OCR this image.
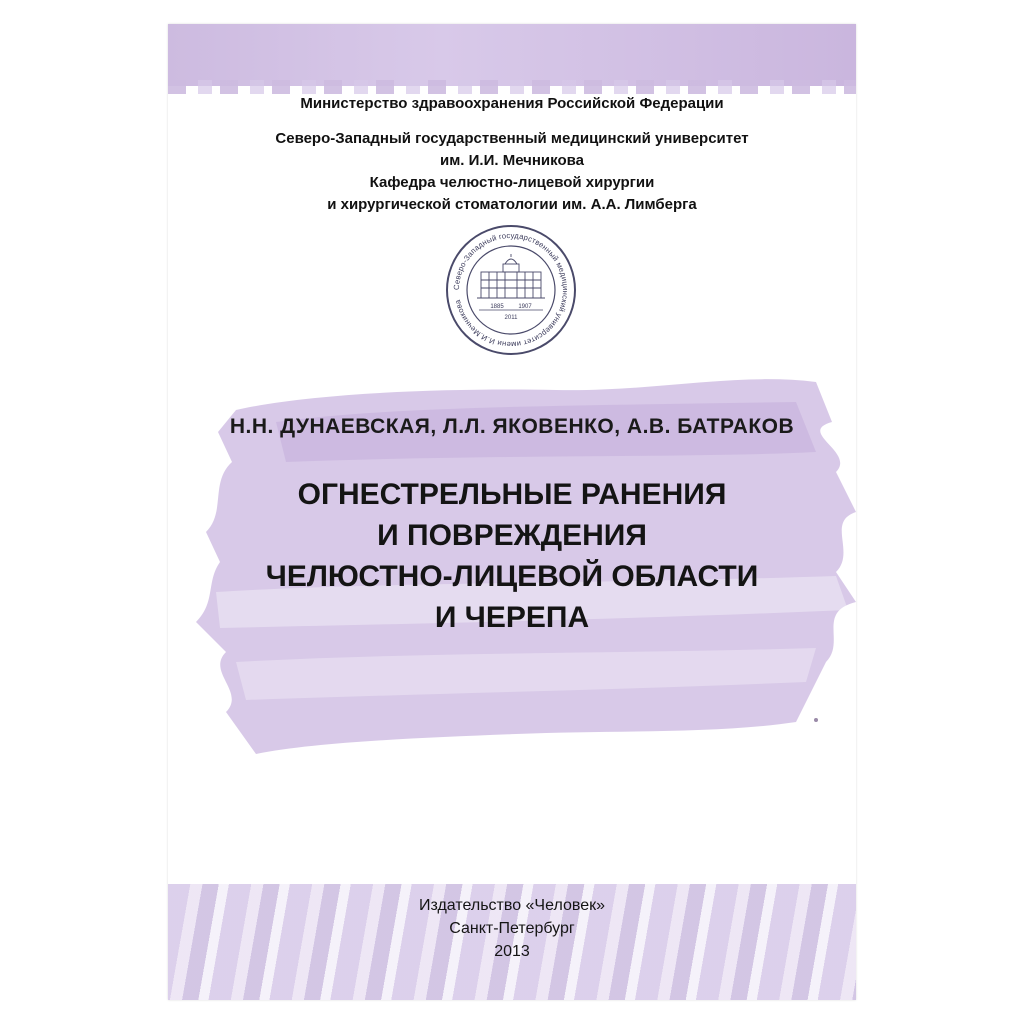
Министерство здравоохранения Российской Федерации
Северо-Западный государственный медицинский университет
им. И.И. Мечникова
Кафедра челюстно-лицевой хирургии
и хирургической стоматологии им. А.А. Лимберга
Северо-Западный государственный медицинский университет имени И.И.Мечникова
1885 1907
2011
Н.Н. ДУНАЕВСКАЯ, Л.Л. ЯКОВЕНКО, А.В. БАТРАКОВ
ОГНЕСТРЕЛЬНЫЕ РАНЕНИЯ
И ПОВРЕЖДЕНИЯ
ЧЕЛЮСТНО-ЛИЦЕВОЙ ОБЛАСТИ
И ЧЕРЕПА
Издательство «Человек»
Санкт-Петербург
2013
